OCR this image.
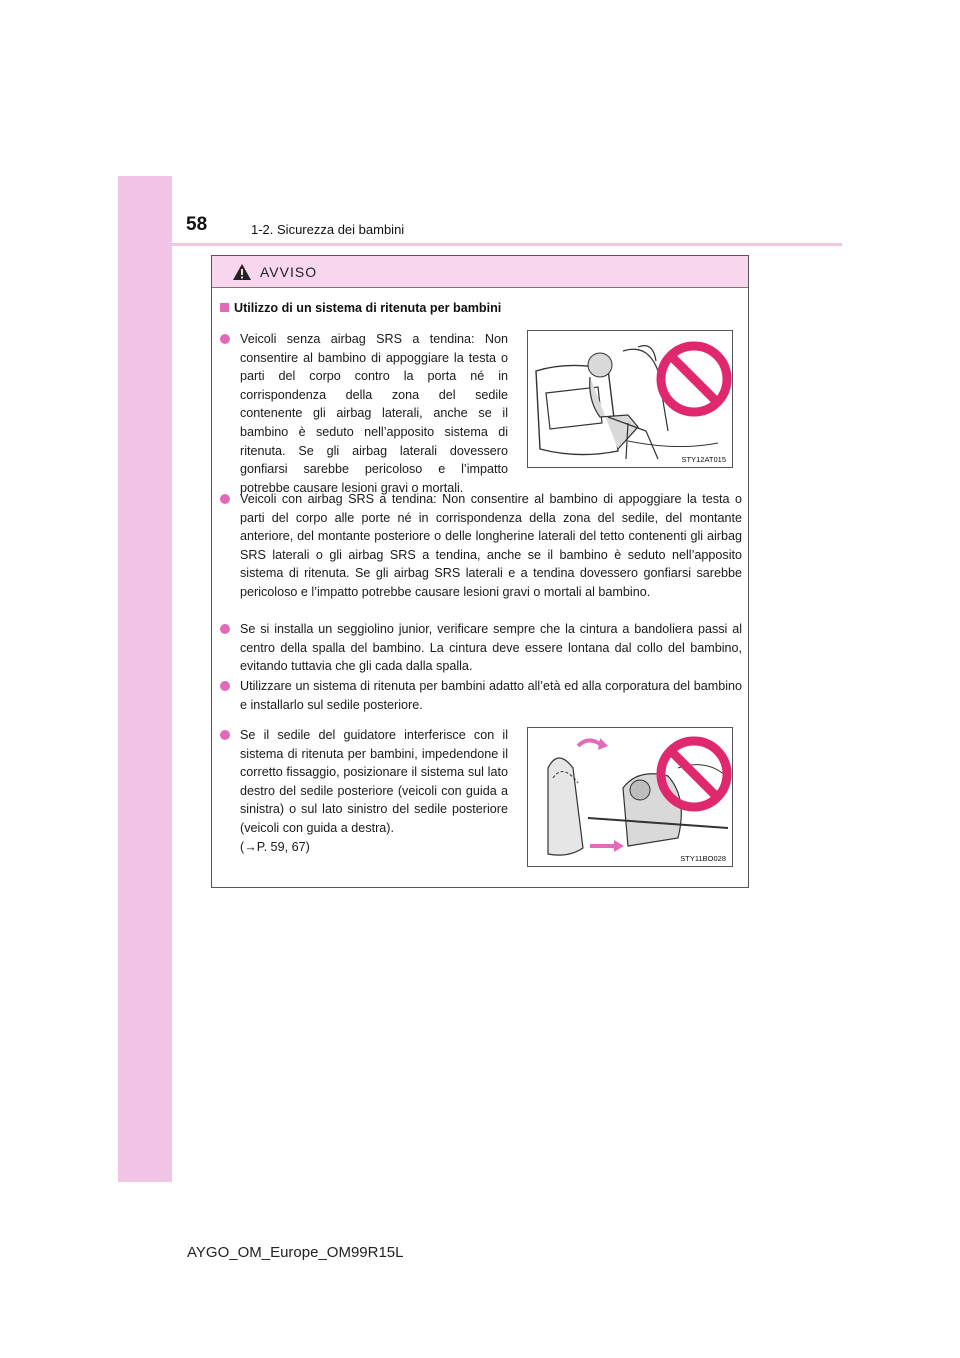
58	1-2. Sicurezza dei bambini
AVVISO
Utilizzo di un sistema di ritenuta per bambini
Veicoli senza airbag SRS a tendina: Non consentire al bambino di appoggiare la testa o parti del corpo contro la porta né in corrispondenza della zona del sedile contenente gli airbag laterali, anche se il bambino è seduto nell’apposito sistema di ritenuta. Se gli airbag laterali dovessero gonfiarsi sarebbe pericoloso e l’impatto potrebbe causare lesioni gravi o mortali.
STY12AT015
Veicoli con airbag SRS a tendina: Non consentire al bambino di appoggiare la testa o parti del corpo alle porte né in corrispondenza della zona del sedile, del montante anteriore, del montante posteriore o delle longherine laterali del tetto contenenti gli airbag SRS laterali o gli airbag SRS a tendina, anche se il bambino è seduto nell’apposito sistema di ritenuta. Se gli airbag SRS laterali e a tendina dovessero gonfiarsi sarebbe pericoloso e l’impatto potrebbe causare lesioni gravi o mortali al bambino.
Se si installa un seggiolino junior, verificare sempre che la cintura a bandoliera passi al centro della spalla del bambino. La cintura deve essere lontana dal collo del bambino, evitando tuttavia che gli cada dalla spalla.
Utilizzare un sistema di ritenuta per bambini adatto all’età ed alla corporatura del bambino e installarlo sul sedile posteriore.
Se il sedile del guidatore interferisce con il sistema di ritenuta per bambini, impedendone il corretto fissaggio, posizionare il sistema sul lato destro del sedile posteriore (veicoli con guida a sinistra) o sul lato sinistro del sedile posteriore (veicoli con guida a destra).
(→P. 59, 67)
STY11BO028
AYGO_OM_Europe_OM99R15L
